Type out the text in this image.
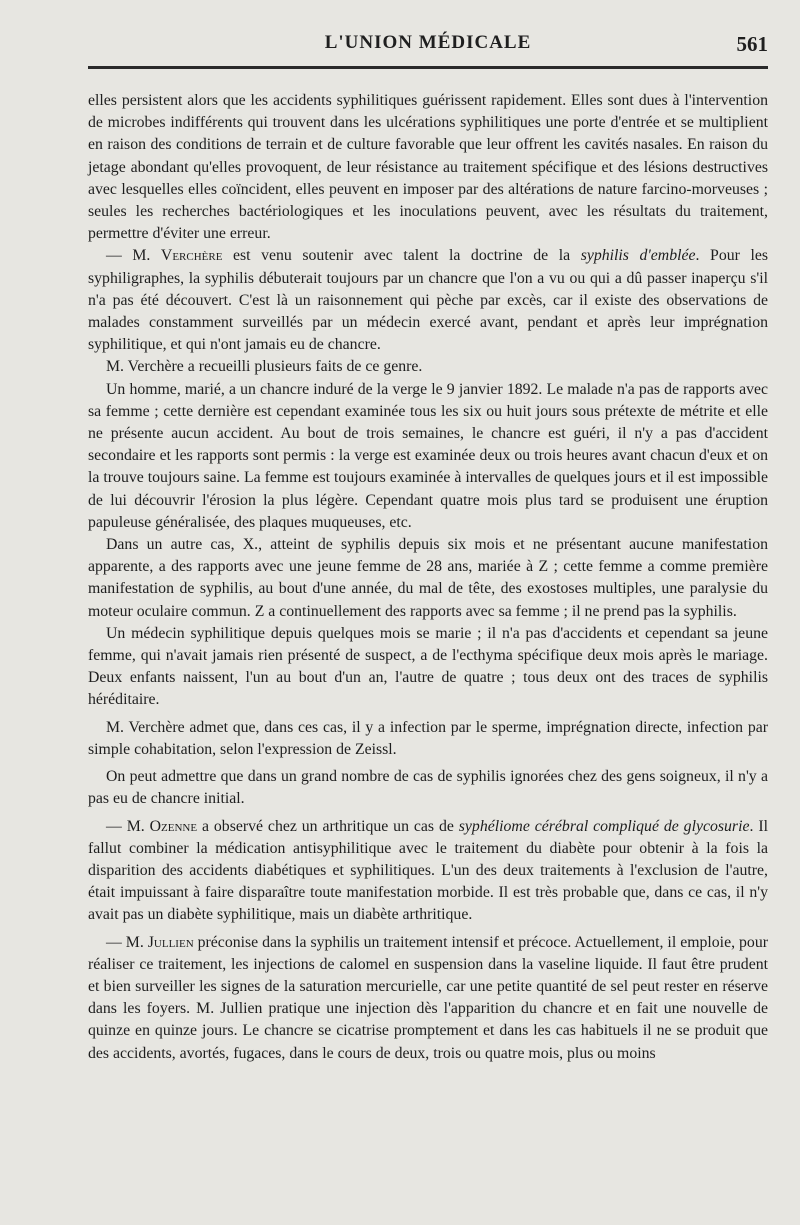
L'UNION MÉDICALE	561

elles persistent alors que les accidents syphilitiques guérissent rapidement. Elles sont dues à l'intervention de microbes indifférents qui trouvent dans les ulcérations syphilitiques une porte d'entrée et se multiplient en raison des conditions de terrain et de culture favorable que leur offrent les cavités nasales. En raison du jetage abondant qu'elles provoquent, de leur résistance au traitement spécifique et des lésions destructives avec lesquelles elles coïncident, elles peuvent en imposer par des altérations de nature farcino-morveuses ; seules les recherches bactériologiques et les inoculations peuvent, avec les résultats du traitement, permettre d'éviter une erreur.

— M. Verchère est venu soutenir avec talent la doctrine de la syphilis d'emblée. Pour les syphiligraphes, la syphilis débuterait toujours par un chancre que l'on a vu ou qui a dû passer inaperçu s'il n'a pas été découvert. C'est là un raisonnement qui pèche par excès, car il existe des observations de malades constamment surveillés par un médecin exercé avant, pendant et après leur imprégnation syphilitique, et qui n'ont jamais eu de chancre.

M. Verchère a recueilli plusieurs faits de ce genre.

Un homme, marié, a un chancre induré de la verge le 9 janvier 1892. Le malade n'a pas de rapports avec sa femme ; cette dernière est cependant examinée tous les six ou huit jours sous prétexte de métrite et elle ne présente aucun accident. Au bout de trois semaines, le chancre est guéri, il n'y a pas d'accident secondaire et les rapports sont permis : la verge est examinée deux ou trois heures avant chacun d'eux et on la trouve toujours saine. La femme est toujours examinée à intervalles de quelques jours et il est impossible de lui découvrir l'érosion la plus légère. Cependant quatre mois plus tard se produisent une éruption papuleuse généralisée, des plaques muqueuses, etc.

Dans un autre cas, X., atteint de syphilis depuis six mois et ne présentant aucune manifestation apparente, a des rapports avec une jeune femme de 28 ans, mariée à Z ; cette femme a comme première manifestation de syphilis, au bout d'une année, du mal de tête, des exostoses multiples, une paralysie du moteur oculaire commun. Z a continuellement des rapports avec sa femme ; il ne prend pas la syphilis.

Un médecin syphilitique depuis quelques mois se marie ; il n'a pas d'accidents et cependant sa jeune femme, qui n'avait jamais rien présenté de suspect, a de l'ecthyma spécifique deux mois après le mariage. Deux enfants naissent, l'un au bout d'un an, l'autre de quatre ; tous deux ont des traces de syphilis héréditaire.

M. Verchère admet que, dans ces cas, il y a infection par le sperme, imprégnation directe, infection par simple cohabitation, selon l'expression de Zeissl.

On peut admettre que dans un grand nombre de cas de syphilis ignorées chez des gens soigneux, il n'y a pas eu de chancre initial.

— M. Ozenne a observé chez un arthritique un cas de syphéliome cérébral compliqué de glycosurie. Il fallut combiner la médication antisyphilitique avec le traitement du diabète pour obtenir à la fois la disparition des accidents diabétiques et syphilitiques. L'un des deux traitements à l'exclusion de l'autre, était impuissant à faire disparaître toute manifestation morbide. Il est très probable que, dans ce cas, il n'y avait pas un diabète syphilitique, mais un diabète arthritique.

— M. Jullien préconise dans la syphilis un traitement intensif et précoce. Actuellement, il emploie, pour réaliser ce traitement, les injections de calomel en suspension dans la vaseline liquide. Il faut être prudent et bien surveiller les signes de la saturation mercurielle, car une petite quantité de sel peut rester en réserve dans les foyers. M. Jullien pratique une injection dès l'apparition du chancre et en fait une nouvelle de quinze en quinze jours. Le chancre se cicatrise promptement et dans les cas habituels il ne se produit que des accidents, avortés, fugaces, dans le cours de deux, trois ou quatre mois, plus ou moins
